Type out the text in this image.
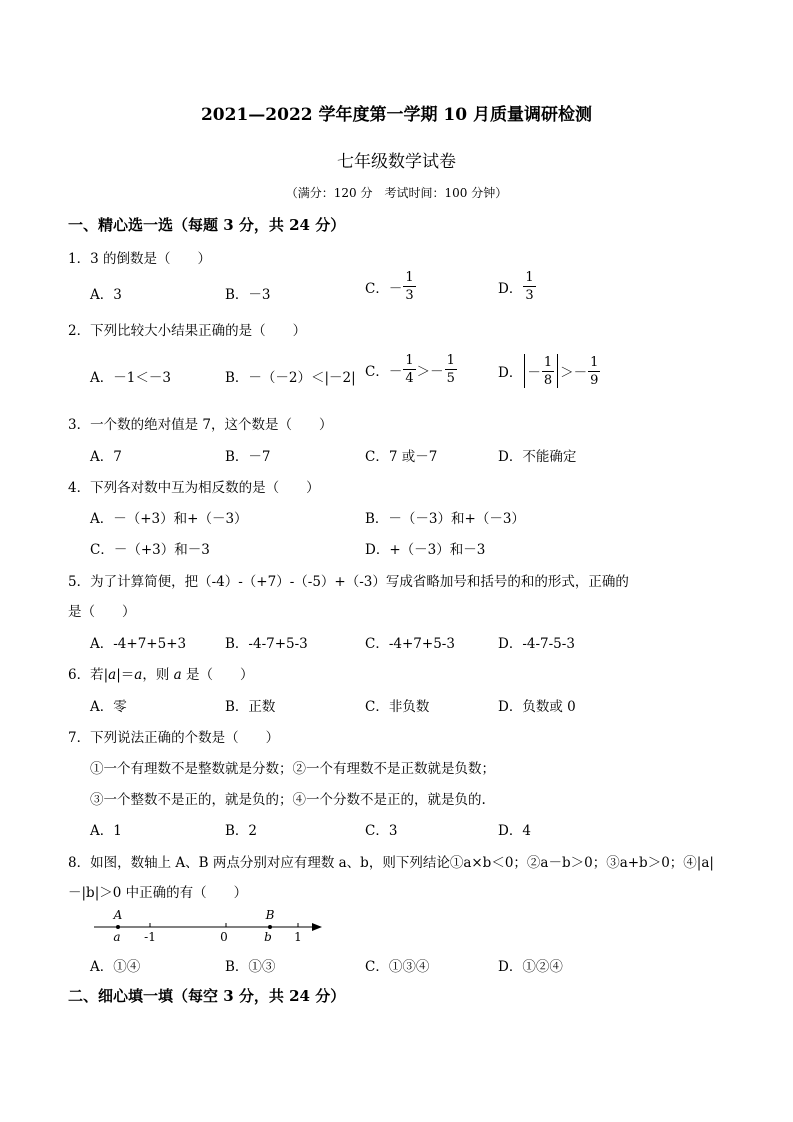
2021—2022 学年度第一学期 10 月质量调研检测
七年级数学试卷
（满分：120 分　考试时间：100 分钟）
一、精心选一选（每题 3 分，共 24 分）
1．3 的倒数是（　　）
A．3	B．－3	C．－ $\frac{1}{3}$	D． $\frac{1}{3}$
2．下列比较大小结果正确的是（　　）
A．－1＜－3	B．－（－2）＜|－2| C．－ $\frac{1}{4} >- \frac{1}{5}$	D． － $\frac{1}{8} >- \frac{1}{9}$
3．一个数的绝对值是 7，这个数是（　　）
A．7	B．－7	C．7 或－7	D．不能确定
4．下列各对数中互为相反数的是（　　）
A．－（+3）和+（－3）	B．－（－3）和+（－3）
C．－（+3）和－3	D．+（－3）和－3
5．为了计算简便，把（-4）-（+7）-（-5）+（-3）写成省略加号和括号的和的形式，正确的
是（　　）
A．-4+7+5+3	B．-4-7+5-3	C．-4+7+5-3	D．-4-7-5-3
6．若|a|＝a，则 a 是（　　）
A．零	B．正数	C．非负数	D．负数或 0
7．下列说法正确的个数是（　　）
①一个有理数不是整数就是分数；②一个有理数不是正数就是负数；
③一个整数不是正的，就是负的；④一个分数不是正的，就是负的.
A．1	B．2	C．3	D．4
8．如图，数轴上 A、B 两点分别对应有理数 a、b，则下列结论①a×b＜0；②a－b＞0；③a+b＞0；④|a|
－|b|＞0 中正确的有（　　）
A	B
a -1	0	b 1
A．①④	B．①③	C．①③④	D．①②④
二、细心填一填（每空 3 分，共 24 分）
